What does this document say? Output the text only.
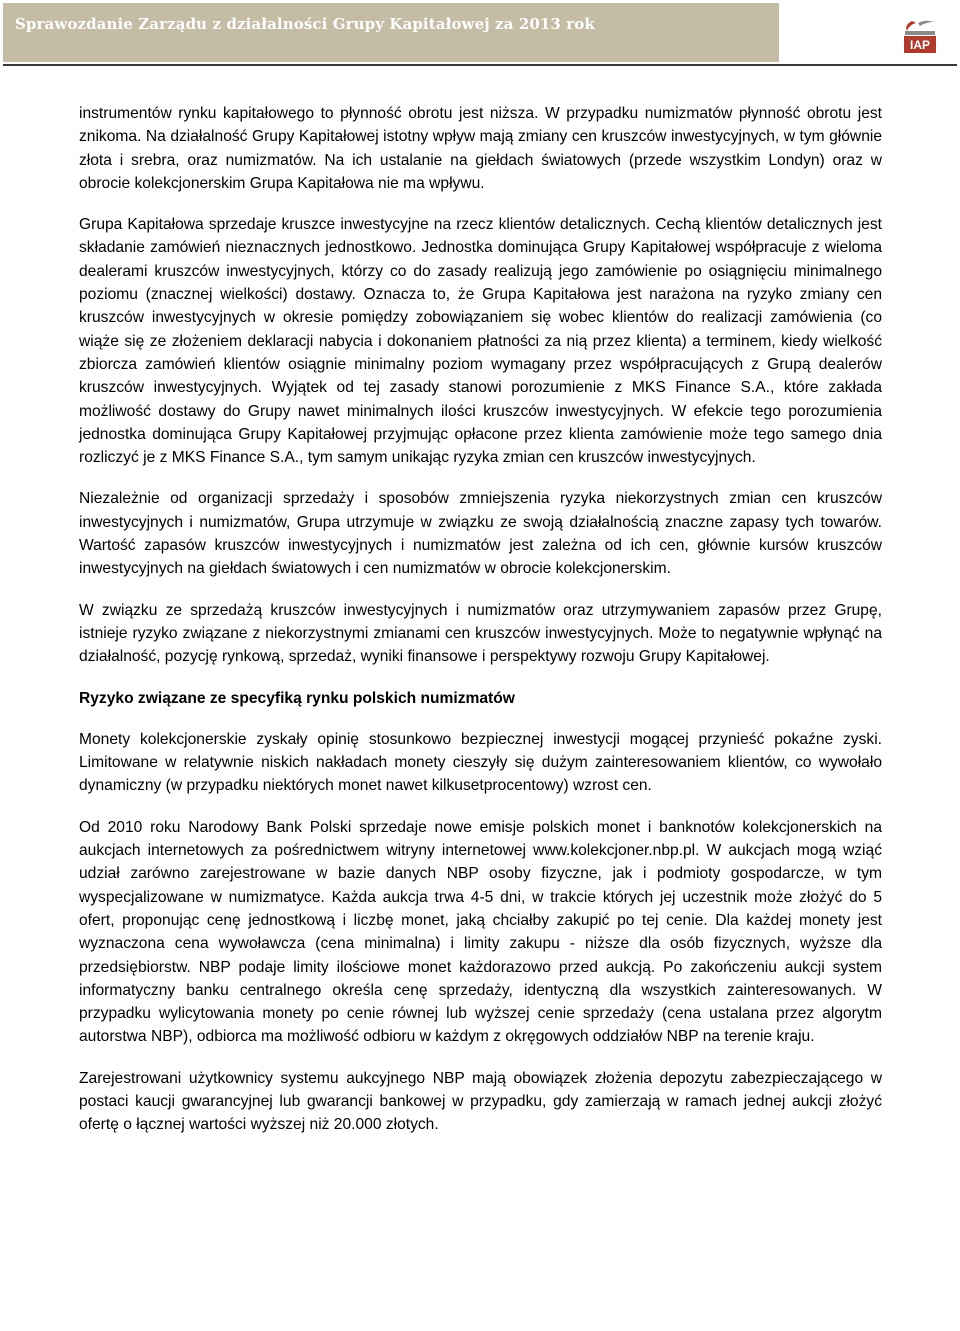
Sprawozdanie Zarządu z działalności Grupy Kapitałowej za 2013 rok
IAP

instrumentów rynku kapitałowego to płynność obrotu jest niższa. W przypadku numizmatów płynność obrotu jest znikoma. Na działalność Grupy Kapitałowej istotny wpływ mają zmiany cen kruszców inwestycyjnych, w tym głównie złota i srebra, oraz numizmatów. Na ich ustalanie na giełdach światowych (przede wszystkim Londyn) oraz w obrocie kolekcjonerskim Grupa Kapitałowa nie ma wpływu.

Grupa Kapitałowa sprzedaje kruszce inwestycyjne na rzecz klientów detalicznych. Cechą klientów detalicznych jest składanie zamówień nieznacznych jednostkowo. Jednostka dominująca Grupy Kapitałowej współpracuje z wieloma dealerami kruszców inwestycyjnych, którzy co do zasady realizują jego zamówienie po osiągnięciu minimalnego poziomu (znacznej wielkości) dostawy. Oznacza to, że Grupa Kapitałowa jest narażona na ryzyko zmiany cen kruszców inwestycyjnych w okresie pomiędzy zobowiązaniem się wobec klientów do realizacji zamówienia (co wiąże się ze złożeniem deklaracji nabycia i dokonaniem płatności za nią przez klienta) a terminem, kiedy wielkość zbiorcza zamówień klientów osiągnie minimalny poziom wymagany przez współpracujących z Grupą dealerów kruszców inwestycyjnych. Wyjątek od tej zasady stanowi porozumienie z MKS Finance S.A., które zakłada możliwość dostawy do Grupy nawet minimalnych ilości kruszców inwestycyjnych. W efekcie tego porozumienia jednostka dominująca Grupy Kapitałowej przyjmując opłacone przez klienta zamówienie może tego samego dnia rozliczyć je z MKS Finance S.A., tym samym unikając ryzyka zmian cen kruszców inwestycyjnych.

Niezależnie od organizacji sprzedaży i sposobów zmniejszenia ryzyka niekorzystnych zmian cen kruszców inwestycyjnych i numizmatów, Grupa utrzymuje w związku ze swoją działalnością znaczne zapasy tych towarów. Wartość zapasów kruszców inwestycyjnych i numizmatów jest zależna od ich cen, głównie kursów kruszców inwestycyjnych na giełdach światowych i cen numizmatów w obrocie kolekcjonerskim.

W związku ze sprzedażą kruszców inwestycyjnych i numizmatów oraz utrzymywaniem zapasów przez Grupę, istnieje ryzyko związane z niekorzystnymi zmianami cen kruszców inwestycyjnych. Może to negatywnie wpłynąć na działalność, pozycję rynkową, sprzedaż, wyniki finansowe i perspektywy rozwoju Grupy Kapitałowej.

Ryzyko związane ze specyfiką rynku polskich numizmatów

Monety kolekcjonerskie zyskały opinię stosunkowo bezpiecznej inwestycji mogącej przynieść pokaźne zyski. Limitowane w relatywnie niskich nakładach monety cieszyły się dużym zainteresowaniem klientów, co wywołało dynamiczny (w przypadku niektórych monet nawet kilkusetprocentowy) wzrost cen.

Od 2010 roku Narodowy Bank Polski sprzedaje nowe emisje polskich monet i banknotów kolekcjonerskich na aukcjach internetowych za pośrednictwem witryny internetowej www.kolekcjoner.nbp.pl. W aukcjach mogą wziąć udział zarówno zarejestrowane w bazie danych NBP osoby fizyczne, jak i podmioty gospodarcze, w tym wyspecjalizowane w numizmatyce. Każda aukcja trwa 4-5 dni, w trakcie których jej uczestnik może złożyć do 5 ofert, proponując cenę jednostkową i liczbę monet, jaką chciałby zakupić po tej cenie. Dla każdej monety jest wyznaczona cena wywoławcza (cena minimalna) i limity zakupu - niższe dla osób fizycznych, wyższe dla przedsiębiorstw. NBP podaje limity ilościowe monet każdorazowo przed aukcją. Po zakończeniu aukcji system informatyczny banku centralnego określa cenę sprzedaży, identyczną dla wszystkich zainteresowanych. W przypadku wylicytowania monety po cenie równej lub wyższej cenie sprzedaży (cena ustalana przez algorytm autorstwa NBP), odbiorca ma możliwość odbioru w każdym z okręgowych oddziałów NBP na terenie kraju.

Zarejestrowani użytkownicy systemu aukcyjnego NBP mają obowiązek złożenia depozytu zabezpieczającego w postaci kaucji gwarancyjnej lub gwarancji bankowej w przypadku, gdy zamierzają w ramach jednej aukcji złożyć ofertę o łącznej wartości wyższej niż 20.000 złotych.
